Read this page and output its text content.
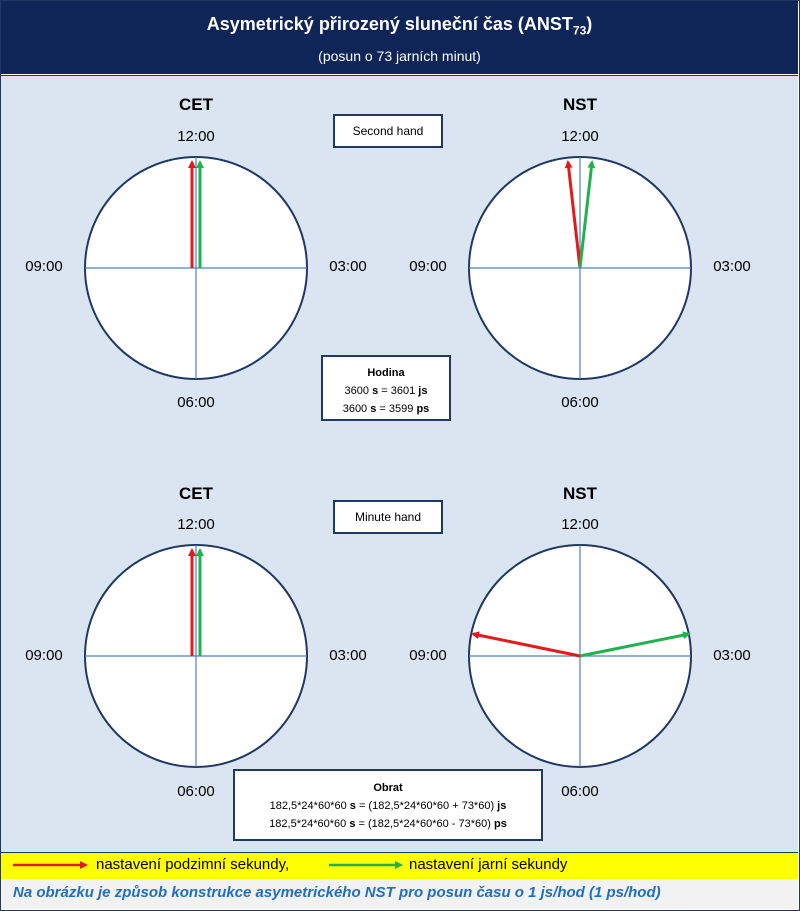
Asymetrický přirozený sluneční čas $(ANST_{73})$
(posun o 73 jarních minut)
CET	NST
Second hand
12:00
03:00
06:00
09:00
12:00
03:00
06:00
09:00
Hodina
3600 s = 3601 js
3600 s = 3599 ps
CET	NST
Minute hand
12:00
03:00
06:00
09:00
12:00
03:00
06:00
09:00
Obrat
182,5*24*60*60 s = (182,5*24*60*60 + 73*60) js
182,5*24*60*60 s = (182,5*24*60*60 - 73*60) ps
nastavení podzimní sekundy,	nastavení jarní sekundy
Na obrázku je způsob konstrukce asymetrického NST pro posun času o 1 js/hod (1 ps/hod)
